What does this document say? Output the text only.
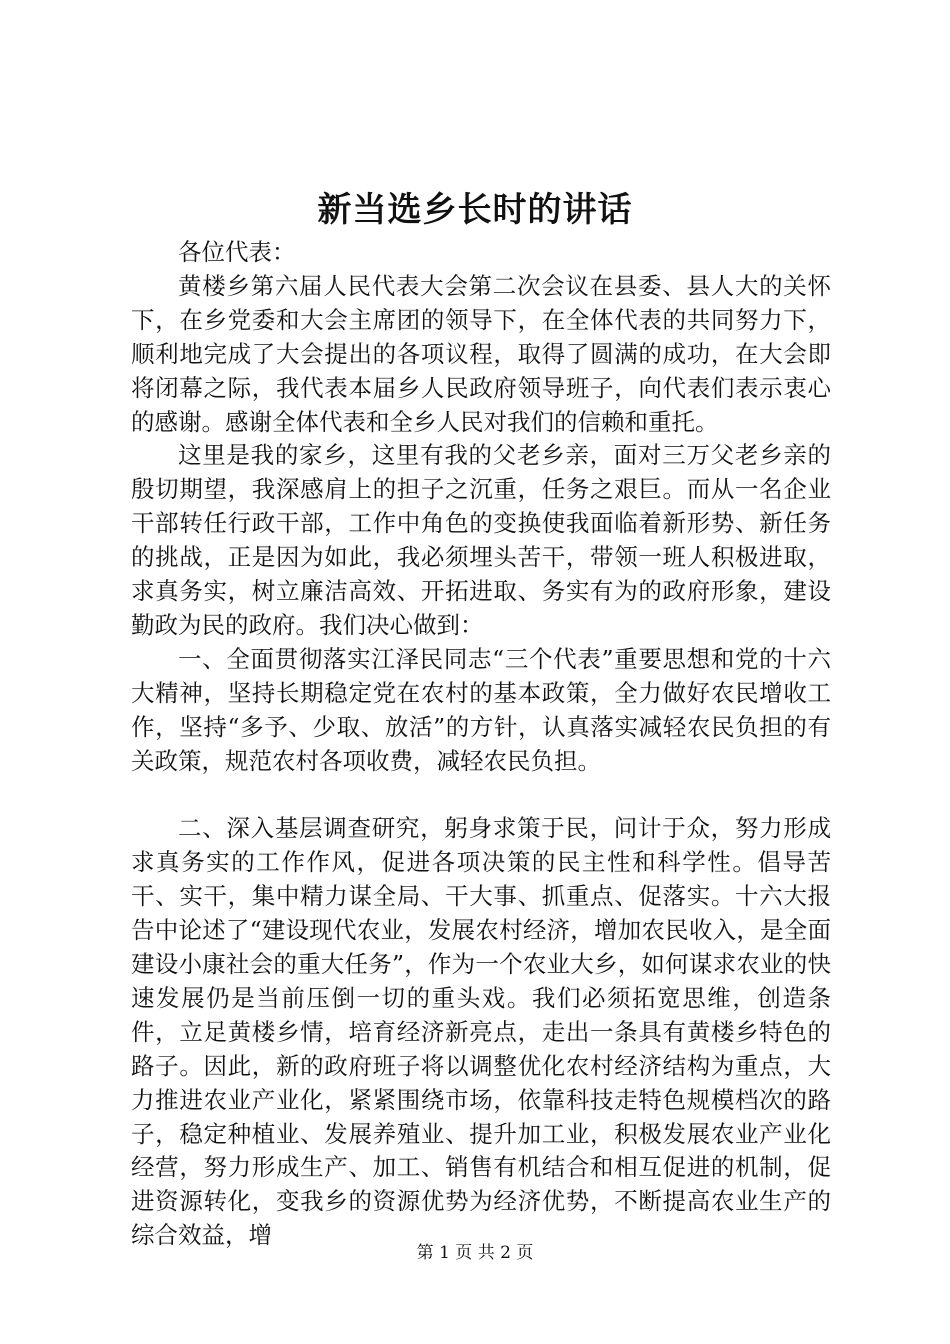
新当选乡长时的讲话

各位代表：

黄楼乡第六届人民代表大会第二次会议在县委、县人大的关怀下，在乡党委和大会主席团的领导下，在全体代表的共同努力下，顺利地完成了大会提出的各项议程，取得了圆满的成功，在大会即将闭幕之际，我代表本届乡人民政府领导班子，向代表们表示衷心的感谢。感谢全体代表和全乡人民对我们的信赖和重托。

这里是我的家乡，这里有我的父老乡亲，面对三万父老乡亲的殷切期望，我深感肩上的担子之沉重，任务之艰巨。而从一名企业干部转任行政干部，工作中角色的变换使我面临着新形势、新任务的挑战，正是因为如此，我必须埋头苦干，带领一班人积极进取，求真务实，树立廉洁高效、开拓进取、务实有为的政府形象，建设勤政为民的政府。我们决心做到：

一、全面贯彻落实江泽民同志“三个代表”重要思想和党的十六大精神，坚持长期稳定党在农村的基本政策，全力做好农民增收工作，坚持“多予、少取、放活”的方针，认真落实减轻农民负担的有关政策，规范农村各项收费，减轻农民负担。

二、深入基层调查研究，躬身求策于民，问计于众，努力形成求真务实的工作作风，促进各项决策的民主性和科学性。倡导苦干、实干，集中精力谋全局、干大事、抓重点、促落实。十六大报告中论述了“建设现代农业，发展农村经济，增加农民收入，是全面建设小康社会的重大任务”，作为一个农业大乡，如何谋求农业的快速发展仍是当前压倒一切的重头戏。我们必须拓宽思维，创造条件，立足黄楼乡情，培育经济新亮点，走出一条具有黄楼乡特色的路子。因此，新的政府班子将以调整优化农村经济结构为重点，大力推进农业产业化，紧紧围绕市场，依靠科技走特色规模档次的路子，稳定种植业、发展养殖业、提升加工业，积极发展农业产业化经营，努力形成生产、加工、销售有机结合和相互促进的机制，促进资源转化，变我乡的资源优势为经济优势，不断提高农业生产的综合效益，增

第 1 页 共 2 页
